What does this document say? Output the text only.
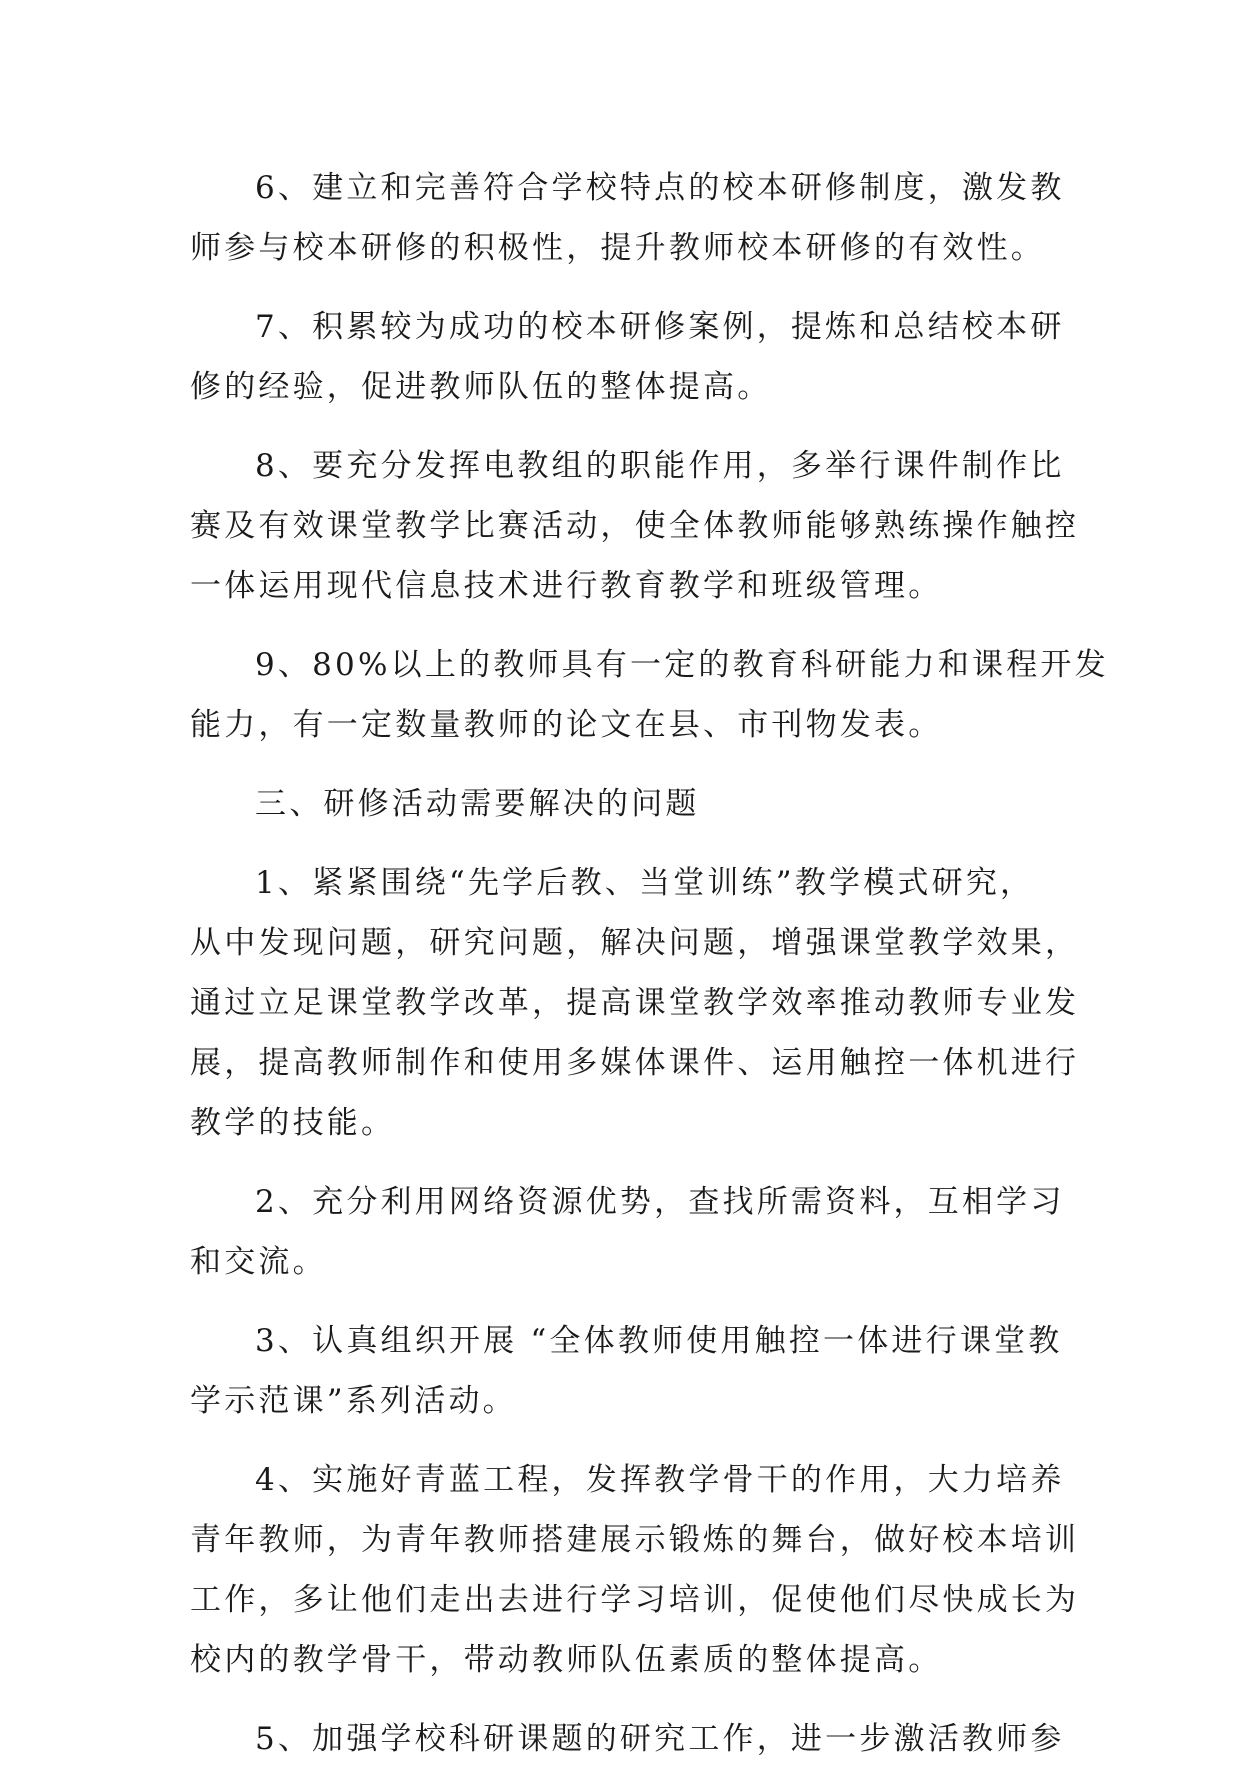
6、建立和完善符合学校特点的校本研修制度，激发教
师参与校本研修的积极性，提升教师校本研修的有效性。
7、积累较为成功的校本研修案例，提炼和总结校本研
修的经验，促进教师队伍的整体提高。
8、要充分发挥电教组的职能作用，多举行课件制作比
赛及有效课堂教学比赛活动，使全体教师能够熟练操作触控
一体运用现代信息技术进行教育教学和班级管理。
9、80%以上的教师具有一定的教育科研能力和课程开发
能力，有一定数量教师的论文在县、市刊物发表。
三、研修活动需要解决的问题
1、紧紧围绕“先学后教、当堂训练”教学模式研究，
从中发现问题，研究问题，解决问题，增强课堂教学效果，
通过立足课堂教学改革，提高课堂教学效率推动教师专业发
展，提高教师制作和使用多媒体课件、运用触控一体机进行
教学的技能。
2、充分利用网络资源优势，查找所需资料，互相学习
和交流。
3、认真组织开展 “全体教师使用触控一体进行课堂教
学示范课”系列活动。
4、实施好青蓝工程，发挥教学骨干的作用，大力培养
青年教师，为青年教师搭建展示锻炼的舞台，做好校本培训
工作，多让他们走出去进行学习培训，促使他们尽快成长为
校内的教学骨干，带动教师队伍素质的整体提高。
5、加强学校科研课题的研究工作，进一步激活教师参
